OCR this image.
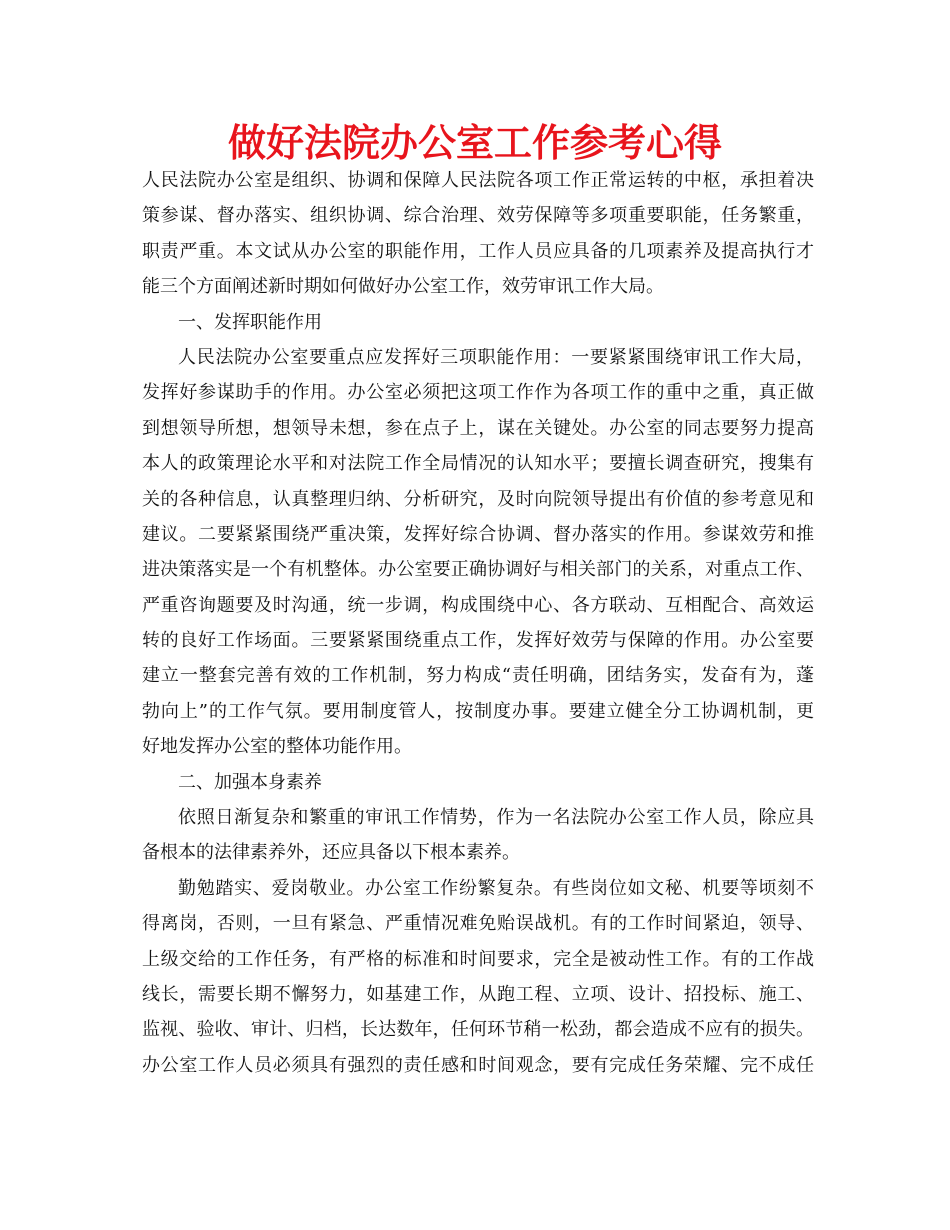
做好法院办公室工作参考心得
人民法院办公室是组织、协调和保障人民法院各项工作正常运转的中枢，承担着决
策参谋、督办落实、组织协调、综合治理、效劳保障等多项重要职能，任务繁重，
职责严重。本文试从办公室的职能作用，工作人员应具备的几项素养及提高执行才
能三个方面阐述新时期如何做好办公室工作，效劳审讯工作大局。
一、发挥职能作用
人民法院办公室要重点应发挥好三项职能作用：一要紧紧围绕审讯工作大局，
发挥好参谋助手的作用。办公室必须把这项工作作为各项工作的重中之重，真正做
到想领导所想，想领导未想，参在点子上，谋在关键处。办公室的同志要努力提高
本人的政策理论水平和对法院工作全局情况的认知水平；要擅长调查研究，搜集有
关的各种信息，认真整理归纳、分析研究，及时向院领导提出有价值的参考意见和
建议。二要紧紧围绕严重决策，发挥好综合协调、督办落实的作用。参谋效劳和推
进决策落实是一个有机整体。办公室要正确协调好与相关部门的关系，对重点工作、
严重咨询题要及时沟通，统一步调，构成围绕中心、各方联动、互相配合、高效运
转的良好工作场面。三要紧紧围绕重点工作，发挥好效劳与保障的作用。办公室要
建立一整套完善有效的工作机制，努力构成“责任明确，团结务实，发奋有为，蓬
勃向上”的工作气氛。要用制度管人，按制度办事。要建立健全分工协调机制，更
好地发挥办公室的整体功能作用。
二、加强本身素养
依照日渐复杂和繁重的审讯工作情势，作为一名法院办公室工作人员，除应具
备根本的法律素养外，还应具备以下根本素养。
勤勉踏实、爱岗敬业。办公室工作纷繁复杂。有些岗位如文秘、机要等顷刻不
得离岗，否则，一旦有紧急、严重情况难免贻误战机。有的工作时间紧迫，领导、
上级交给的工作任务，有严格的标准和时间要求，完全是被动性工作。有的工作战
线长，需要长期不懈努力，如基建工作，从跑工程、立项、设计、招投标、施工、
监视、验收、审计、归档，长达数年，任何环节稍一松劲，都会造成不应有的损失。
办公室工作人员必须具有强烈的责任感和时间观念，要有完成任务荣耀、完不成任
